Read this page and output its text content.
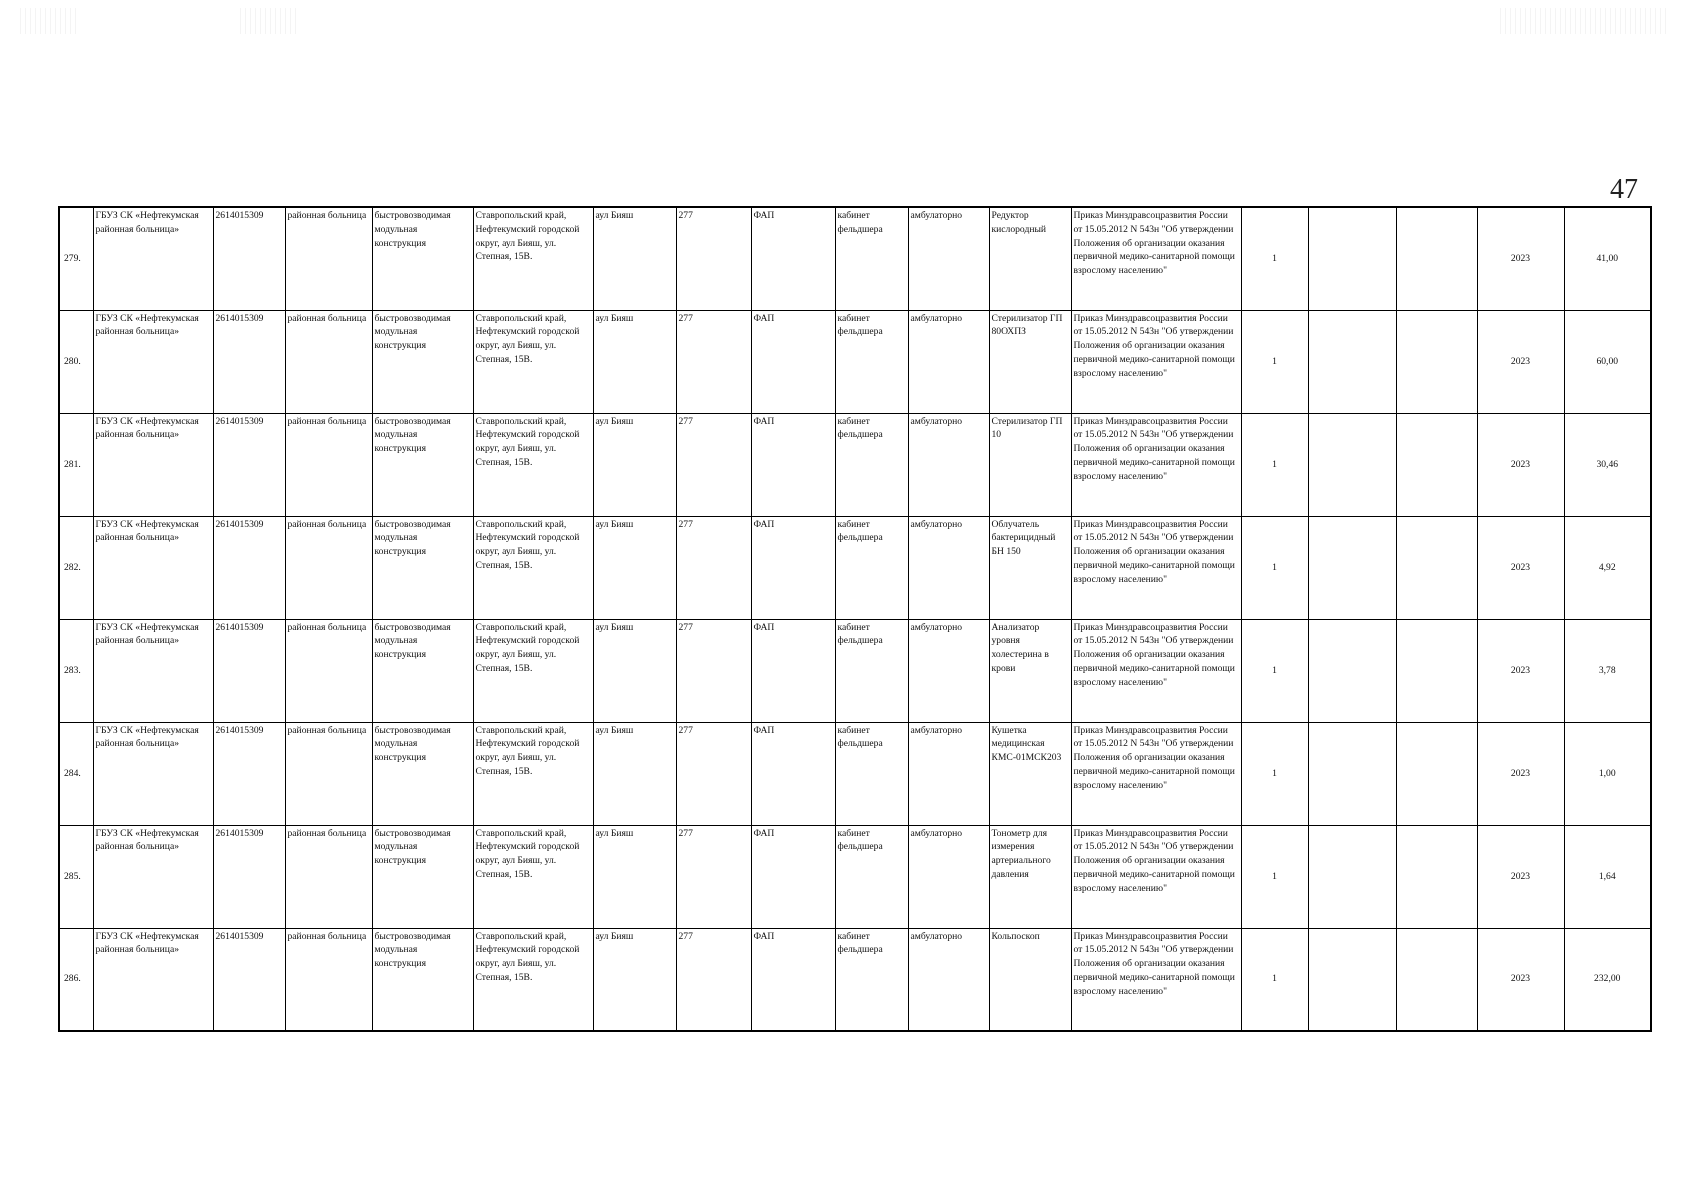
47
279.	ГБУЗ СК «Нефтекумская районная больница»	2614015309	районная больница	быстровозводимая модульная конструкция	Ставропольский край, Нефтекумский городской округ, аул Бияш, ул. Степная, 15В.	аул Бияш	277	ФАП	кабинет фельдшера	амбулаторно	Редуктор кислородный	Приказ Минздравсоцразвития России от 15.05.2012 N 543н "Об утверждении Положения об организации оказания первичной медико-санитарной помощи взрослому населению"	1			2023	41,00
280.	ГБУЗ СК «Нефтекумская районная больница»	2614015309	районная больница	быстровозводимая модульная конструкция	Ставропольский край, Нефтекумский городской округ, аул Бияш, ул. Степная, 15В.	аул Бияш	277	ФАП	кабинет фельдшера	амбулаторно	Стерилизатор ГП 80ОХПЗ	Приказ Минздравсоцразвития России от 15.05.2012 N 543н "Об утверждении Положения об организации оказания первичной медико-санитарной помощи взрослому населению"	1			2023	60,00
281.	ГБУЗ СК «Нефтекумская районная больница»	2614015309	районная больница	быстровозводимая модульная конструкция	Ставропольский край, Нефтекумский городской округ, аул Бияш, ул. Степная, 15В.	аул Бияш	277	ФАП	кабинет фельдшера	амбулаторно	Стерилизатор ГП 10	Приказ Минздравсоцразвития России от 15.05.2012 N 543н "Об утверждении Положения об организации оказания первичной медико-санитарной помощи взрослому населению"	1			2023	30,46
282.	ГБУЗ СК «Нефтекумская районная больница»	2614015309	районная больница	быстровозводимая модульная конструкция	Ставропольский край, Нефтекумский городской округ, аул Бияш, ул. Степная, 15В.	аул Бияш	277	ФАП	кабинет фельдшера	амбулаторно	Облучатель бактерицидный БН 150	Приказ Минздравсоцразвития России от 15.05.2012 N 543н "Об утверждении Положения об организации оказания первичной медико-санитарной помощи взрослому населению"	1			2023	4,92
283.	ГБУЗ СК «Нефтекумская районная больница»	2614015309	районная больница	быстровозводимая модульная конструкция	Ставропольский край, Нефтекумский городской округ, аул Бияш, ул. Степная, 15В.	аул Бияш	277	ФАП	кабинет фельдшера	амбулаторно	Анализатор уровня холестерина в крови	Приказ Минздравсоцразвития России от 15.05.2012 N 543н "Об утверждении Положения об организации оказания первичной медико-санитарной помощи взрослому населению"	1			2023	3,78
284.	ГБУЗ СК «Нефтекумская районная больница»	2614015309	районная больница	быстровозводимая модульная конструкция	Ставропольский край, Нефтекумский городской округ, аул Бияш, ул. Степная, 15В.	аул Бияш	277	ФАП	кабинет фельдшера	амбулаторно	Кушетка медицинская КМС-01МСК203	Приказ Минздравсоцразвития России от 15.05.2012 N 543н "Об утверждении Положения об организации оказания первичной медико-санитарной помощи взрослому населению"	1			2023	1,00
285.	ГБУЗ СК «Нефтекумская районная больница»	2614015309	районная больница	быстровозводимая модульная конструкция	Ставропольский край, Нефтекумский городской округ, аул Бияш, ул. Степная, 15В.	аул Бияш	277	ФАП	кабинет фельдшера	амбулаторно	Тонометр для измерения артериального давления	Приказ Минздравсоцразвития России от 15.05.2012 N 543н "Об утверждении Положения об организации оказания первичной медико-санитарной помощи взрослому населению"	1			2023	1,64
286.	ГБУЗ СК «Нефтекумская районная больница»	2614015309	районная больница	быстровозводимая модульная конструкция	Ставропольский край, Нефтекумский городской округ, аул Бияш, ул. Степная, 15В.	аул Бияш	277	ФАП	кабинет фельдшера	амбулаторно	Кольпоскоп	Приказ Минздравсоцразвития России от 15.05.2012 N 543н "Об утверждении Положения об организации оказания первичной медико-санитарной помощи взрослому населению"	1			2023	232,00
